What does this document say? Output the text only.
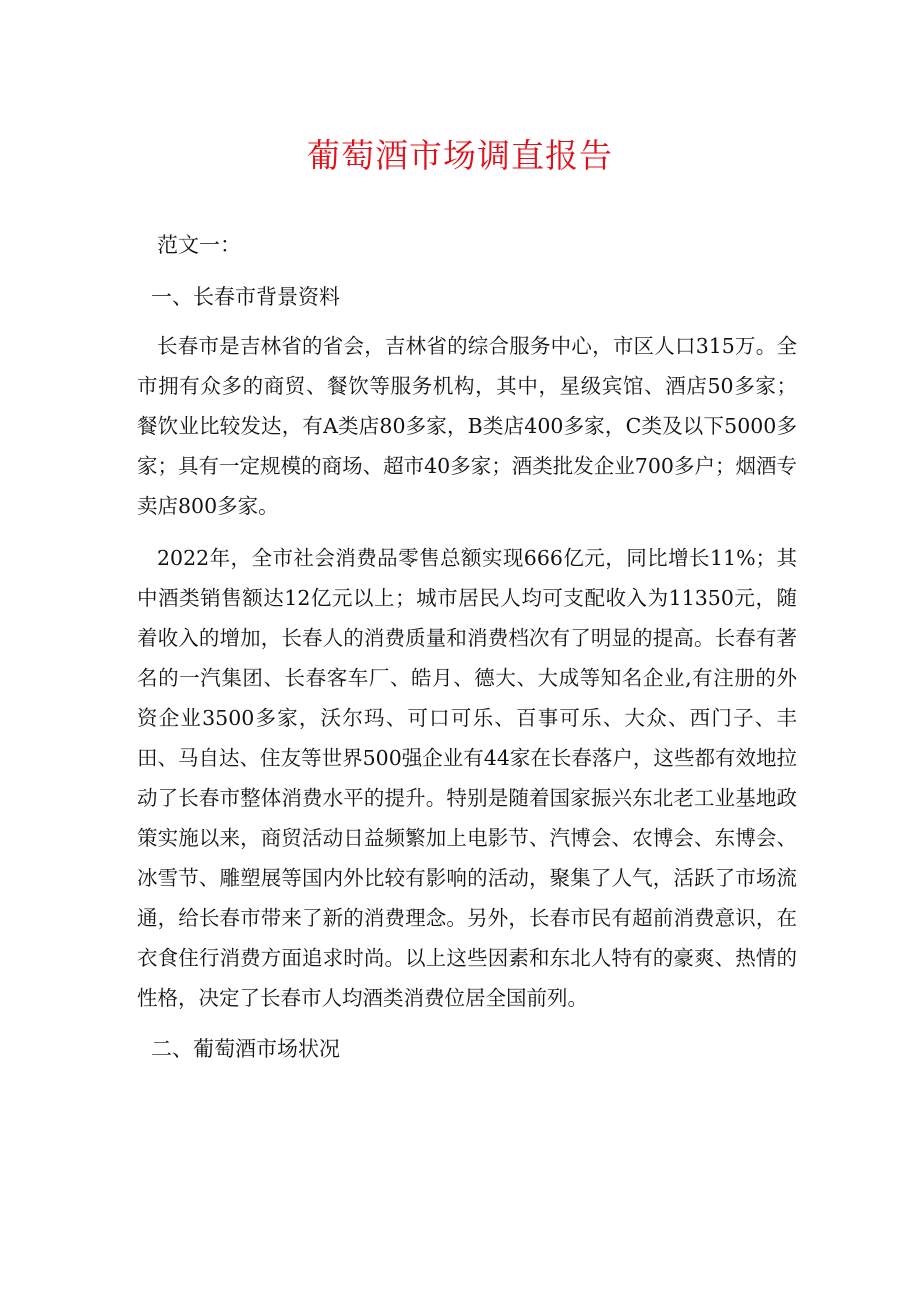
葡萄酒市场调直报告

范文一：

一、长春市背景资料

长春市是吉林省的省会，吉林省的综合服务中心，市区人口315万。全市拥有众多的商贸、餐饮等服务机构，其中，星级宾馆、酒店50多家；餐饮业比较发达，有A类店80多家，B类店400多家，C类及以下5000多家；具有一定规模的商场、超市40多家；酒类批发企业700多户；烟酒专卖店800多家。

2022年，全市社会消费品零售总额实现666亿元，同比增长11%；其中酒类销售额达12亿元以上；城市居民人均可支配收入为11350元，随着收入的增加，长春人的消费质量和消费档次有了明显的提高。长春有著名的一汽集团、长春客车厂、皓月、德大、大成等知名企业,有注册的外资企业3500多家，沃尔玛、可口可乐、百事可乐、大众、西门子、丰田、马自达、住友等世界500强企业有44家在长春落户，这些都有效地拉动了长春市整体消费水平的提升。特别是随着国家振兴东北老工业基地政策实施以来，商贸活动日益频繁加上电影节、汽博会、农博会、东博会、冰雪节、雕塑展等国内外比较有影响的活动，聚集了人气，活跃了市场流通，给长春市带来了新的消费理念。另外，长春市民有超前消费意识，在衣食住行消费方面追求时尚。以上这些因素和东北人特有的豪爽、热情的性格，决定了长春市人均酒类消费位居全国前列。

二、葡萄酒市场状况
